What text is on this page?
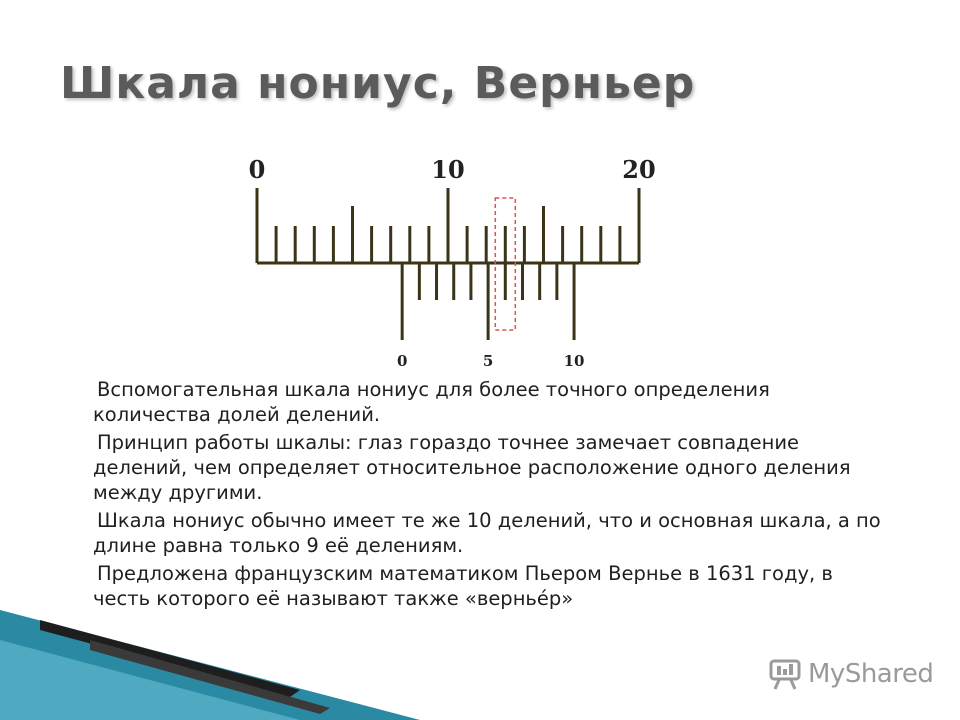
Шкала нониус, Верньер
0	10	20
0	5	10

Вспомогательная шкала нониус для более точного определения количества долей делений.

Принцип работы шкалы: глаз гораздо точнее замечает совпадение делений, чем определяет относительное расположение одного деления между другими.

Шкала нониус обычно имеет те же 10 делений, что и основная шкала, а по длине равна только 9 её делениям.

Предложена французским математиком Пьером Вернье в 1631 году, в честь которого её называют также «верньéр»

MyShared
